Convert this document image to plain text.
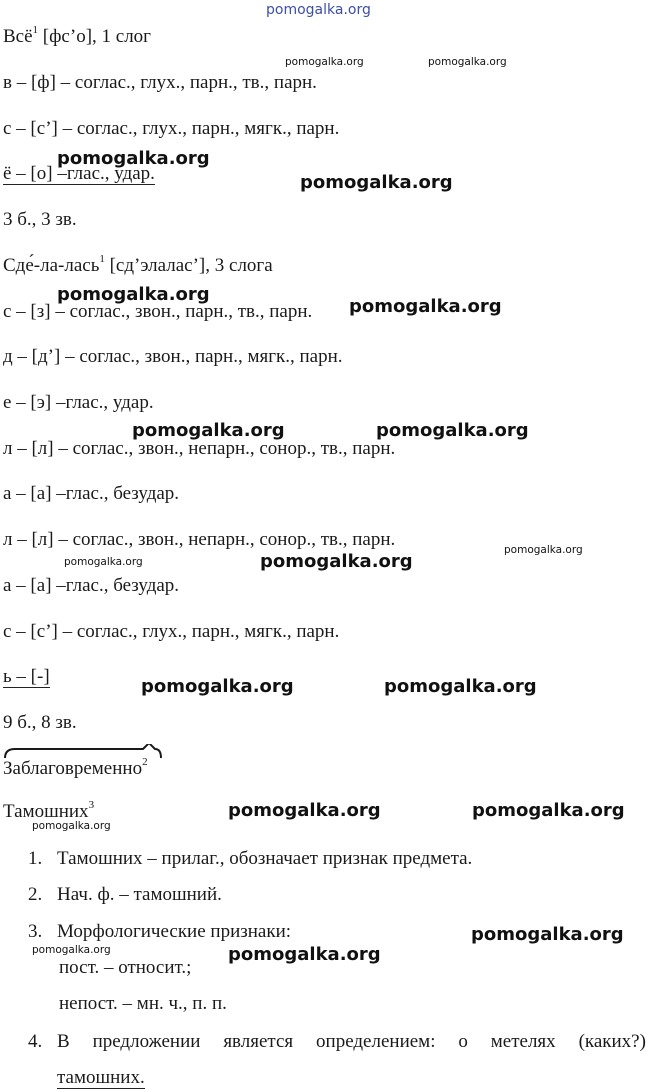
pomogalka.org
Всё$^1$ [фс’о], 1 слог
в – [ф] – соглас., глух., парн., тв., парн.
с – [с’] – соглас., глух., парн., мягк., парн.
ё – [о] –глас., удар.
3 б., 3 зв.
Сде́-ла-лась$^1$ [сд’элалас’], 3 слога
с – [з] – соглас., звон., парн., тв., парн.
д – [д’] – соглас., звон., парн., мягк., парн.
е – [э] –глас., удар.
л – [л] – соглас., звон., непарн., сонор., тв., парн.
а – [а] –глас., безудар.
л – [л] – соглас., звон., непарн., сонор., тв., парн.
а – [а] –глас., безудар.
с – [с’] – соглас., глух., парн., мягк., парн.
ь – [-]
9 б., 8 зв.
Заблаговременно$^2$
Тамошних$^3$
1. Тамошних – прилаг., обозначает признак предмета.
2. Нач. ф. – тамошний.
3. Морфологические признаки:
пост. – относит.;
непост. – мн. ч., п. п.
4. В предложении является определением: о метелях (каких?)
тамошних.
pomogalka.org	pomogalka.org
pomogalka.org
pomogalka.org
pomogalka.org
pomogalka.org
pomogalka.org	pomogalka.org
pomogalka.org
pomogalka.org	pomogalka.org
pomogalka.org	pomogalka.org
pomogalka.org	pomogalka.org
pomogalka.org
pomogalka.org
pomogalka.org	pomogalka.org
